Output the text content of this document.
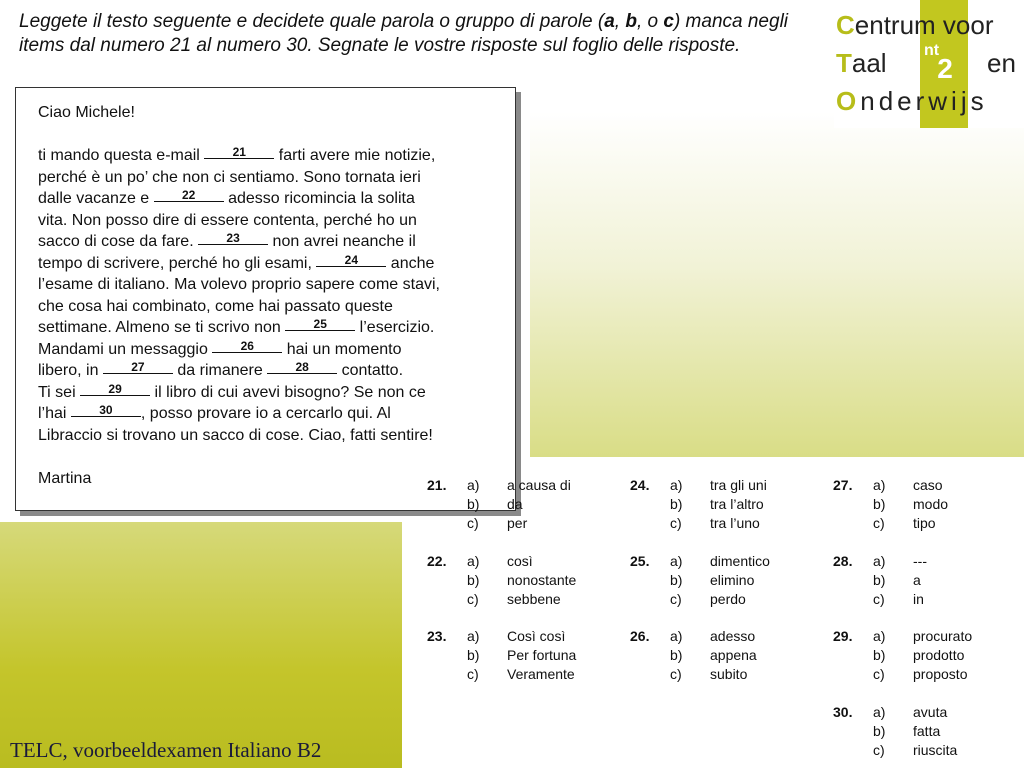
Leggete il testo seguente e decidete quale parola o gruppo di parole (a, b, o c) manca negli items dal numero 21 al numero 30. Segnate le vostre risposte sul foglio delle risposte.
Centrum voor
Taal	en
Onderwijs
nt
2

Ciao Michele!

ti mando questa e-mail 21 farti avere mie notizie,

perché è un po’ che non ci sentiamo. Sono tornata ieri

dalle vacanze e 22 adesso ricomincia la solita

vita. Non posso dire di essere contenta, perché ho un

sacco di cose da fare. 23 non avrei neanche il

tempo di scrivere, perché ho gli esami, 24 anche

l’esame di italiano. Ma volevo proprio sapere come stavi,

che cosa hai combinato, come hai passato queste

settimane. Almeno se ti scrivo non 25 l’esercizio.

Mandami un messaggio 26 hai un momento

libero, in 27 da rimanere 28 contatto.

Ti sei 29 il libro di cui avevi bisogno? Se non ce

l’hai 30 , posso provare io a cercarlo qui. Al

Libraccio si trovano un sacco di cose. Ciao, fatti sentire!

Martina	21. a) a causa di
b) da
c) per
22. a) così
b) nonostante
c) sebbene
23. a) Così così
b) Per fortuna
c) Veramente
24. a) tra gli uni
b) tra l’altro
c) tra l’uno
25. a) dimentico
b) elimino
c) perdo
26. a) adesso
b) appena
c) subito
27. a) caso
b) modo
c) tipo
28. a) ---
b) a
c) in
29. a) procurato
b) prodotto
c) proposto
30. a) avuta
b) fatta
c) riuscita
TELC, voorbeeldexamen Italiano B2
